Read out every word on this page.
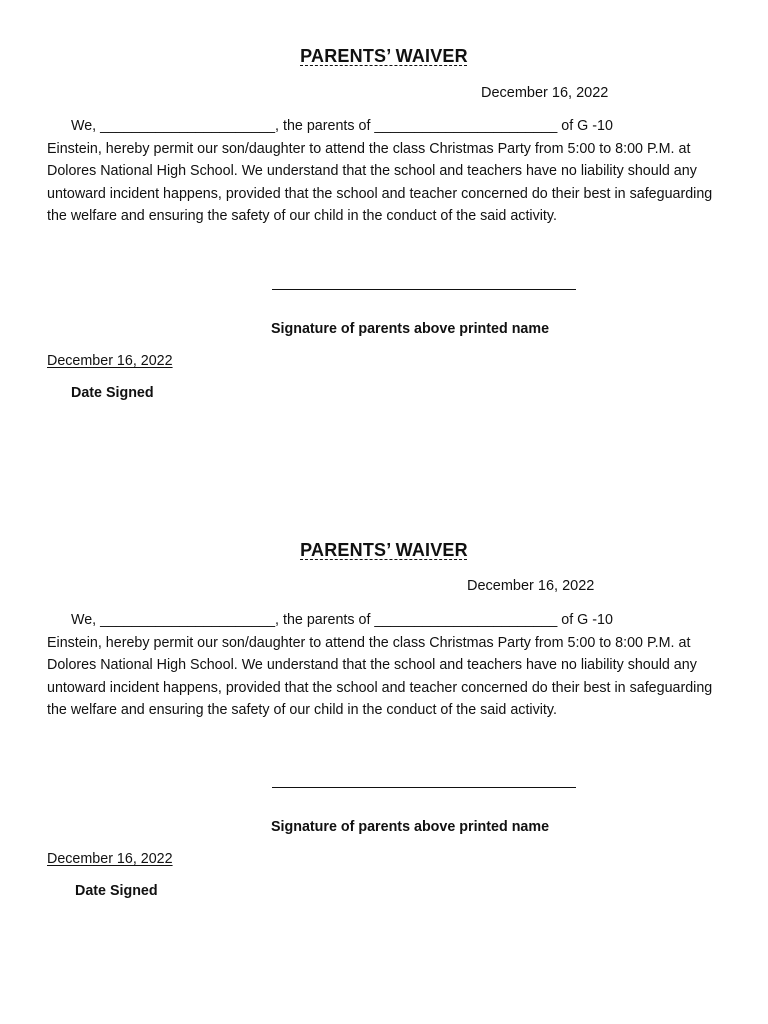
PARENTS’ WAIVER
December 16, 2022
We, ______________________, the parents of _______________________ of G -10
Einstein, hereby permit our son/daughter to attend the class Christmas Party from 5:00 to 8:00 P.M. at Dolores National High School. We understand that the school and teachers have no liability should any untoward incident happens, provided that the school and teacher concerned do their best in safeguarding the welfare and ensuring the safety of our child in the conduct of the said activity.
Signature of parents above printed name
December 16, 2022
Date Signed
PARENTS’ WAIVER
December 16, 2022
We, ______________________, the parents of _______________________ of G -10
Einstein, hereby permit our son/daughter to attend the class Christmas Party from 5:00 to 8:00 P.M. at Dolores National High School. We understand that the school and teachers have no liability should any untoward incident happens, provided that the school and teacher concerned do their best in safeguarding the welfare and ensuring the safety of our child in the conduct of the said activity.
Signature of parents above printed name
December 16, 2022
Date Signed
